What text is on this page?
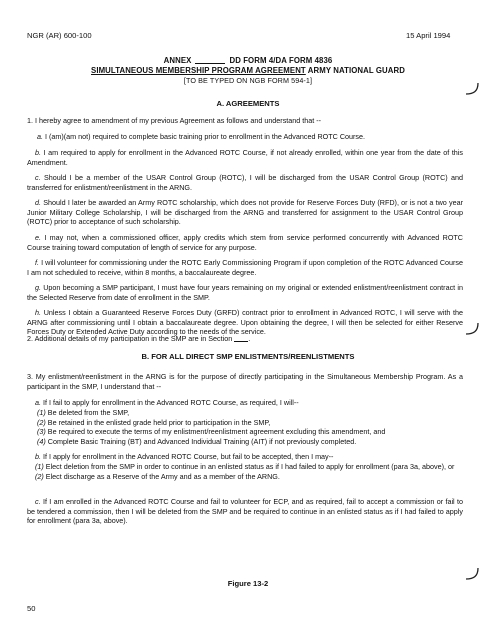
NGR (AR) 600-100	15 April 1994
ANNEX	DD FORM 4/DA FORM 4836
SIMULTANEOUS MEMBERSHIP PROGRAM AGREEMENT ARMY NATIONAL GUARD
[TO BE TYPED ON NGB FORM 594-1]
A. AGREEMENTS
1. I hereby agree to amendment of my previous Agreement as follows and understand that --
a. I (am)(am not) required to complete basic training prior to enrollment in the Advanced ROTC Course.
b. I am required to apply for enrollment in the Advanced ROTC Course, if not already enrolled, within one year from the date of this Amendment.
c. Should I be a member of the USAR Control Group (ROTC), I will be discharged from the USAR Control Group (ROTC) and transferred for enlistment/reenlistment in the ARNG.
d. Should I later be awarded an Army ROTC scholarship, which does not provide for Reserve Forces Duty (RFD), or is not a two year Junior Military College Scholarship, I will be discharged from the ARNG and transferred for assignment to the USAR Control Group (ROTC) prior to acceptance of such scholarship.
e. I may not, when a commissioned officer, apply credits which stem from service performed concurrently with Advanced ROTC Course training toward computation of length of service for any purpose.
f. I will volunteer for commissioning under the ROTC Early Commissioning Program if upon completion of the ROTC Advanced Course I am not scheduled to receive, within 8 months, a baccalaureate degree.
g. Upon becoming a SMP participant, I must have four years remaining on my original or extended enlistment/reenlistment contract in the Selected Reserve from date of enrollment in the SMP.
h. Unless I obtain a Guaranteed Reserve Forces Duty (GRFD) contract prior to enrollment in Advanced ROTC, I will serve with the ARNG after commissioning until I obtain a baccalaureate degree. Upon obtaining the degree, I will then be selected for either Reserve Forces Duty or Extended Active Duty according to the needs of the service.
2. Additional details of my participation in the SMP are in Section .
B. FOR ALL DIRECT SMP ENLISTMENTS/REENLISTMENTS
3. My enlistment/reenlistment in the ARNG is for the purpose of directly participating in the Simultaneous Membership Program. As a participant in the SMP, I understand that --
a. If I fail to apply for enrollment in the Advanced ROTC Course, as required, I will--
(1) Be deleted from the SMP,
(2) Be retained in the enlisted grade held prior to participation in the SMP,
(3) Be required to execute the terms of my enlistment/reenlistment agreement excluding this amendment, and
(4) Complete Basic Training (BT) and Advanced Individual Training (AIT) if not previously completed.
b. If I apply for enrollment in the Advanced ROTC Course, but fail to be accepted, then I may--
(1) Elect deletion from the SMP in order to continue in an enlisted status as if I had failed to apply for enrollment (para 3a, above), or
(2) Elect discharge as a Reserve of the Army and as a member of the ARNG.
c. If I am enrolled in the Advanced ROTC Course and fail to volunteer for ECP, and as required, fail to accept a commission or fail to be tendered a commission, then I will be deleted from the SMP and be required to continue in an enlisted status as if I had failed to apply for enrollment (para 3a, above).
Figure 13-2
50
